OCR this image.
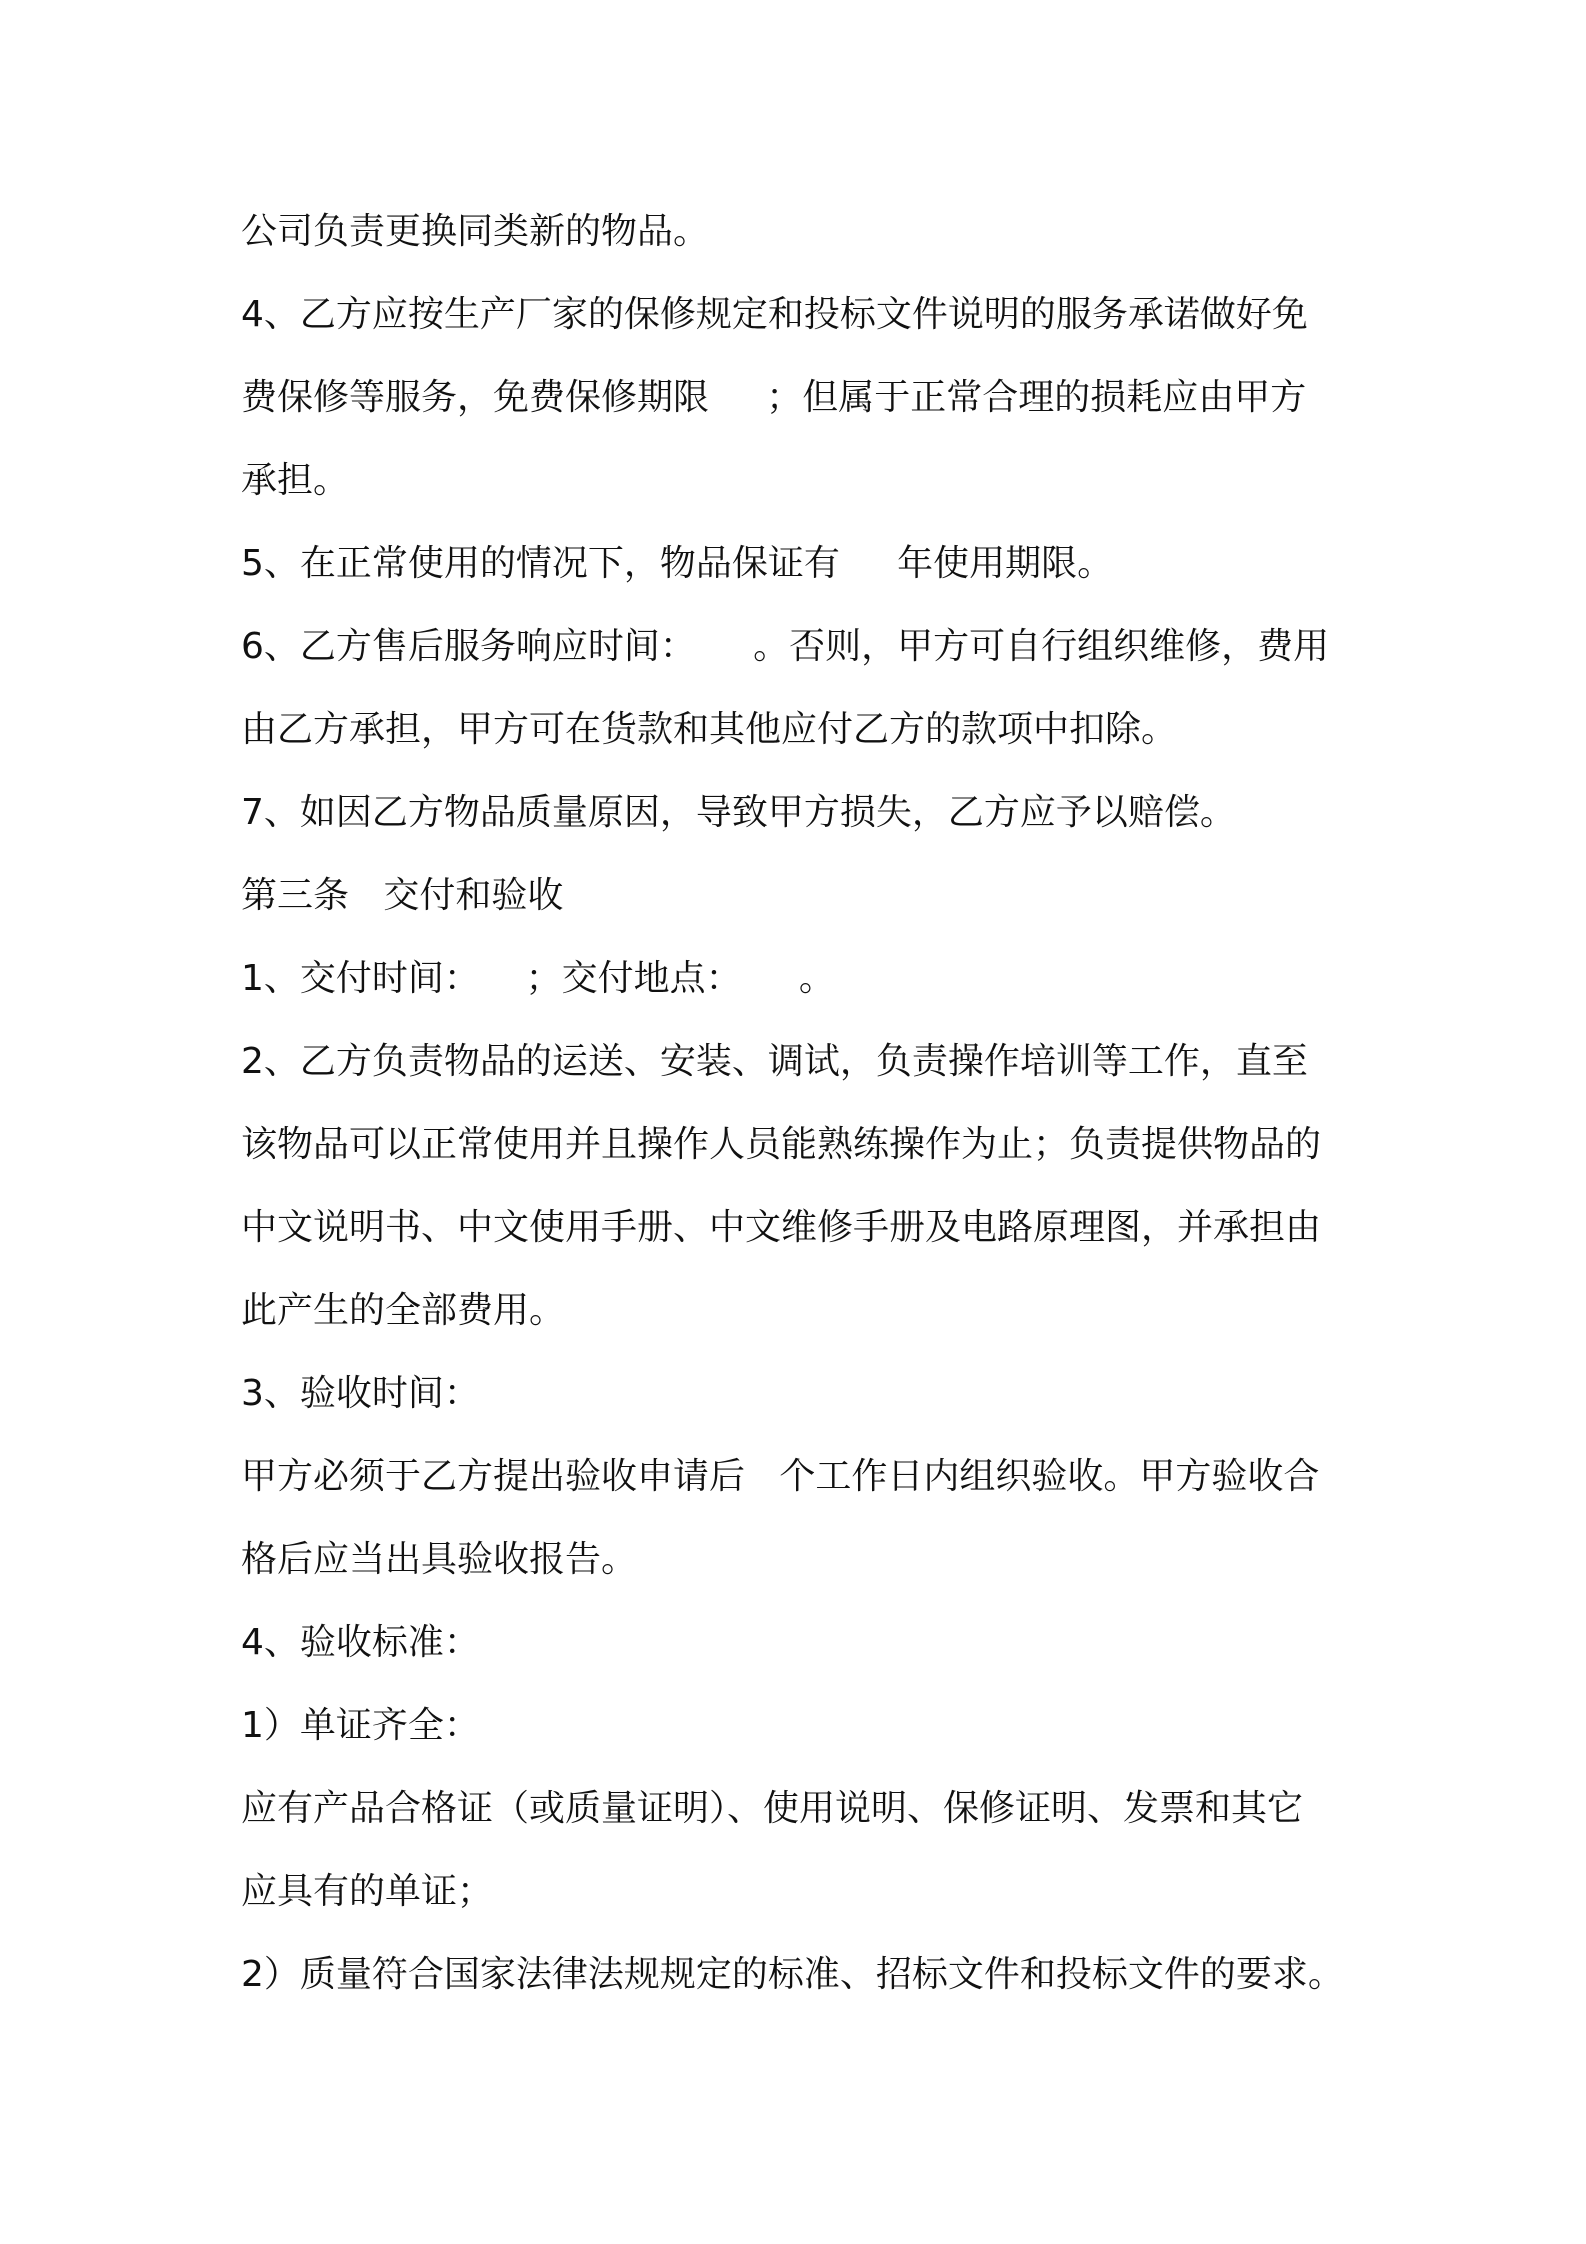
公司负责更换同类新的物品。
4、乙方应按生产厂家的保修规定和投标文件说明的服务承诺做好免
费保修等服务，免费保修期限     ；但属于正常合理的损耗应由甲方
承担。
5、在正常使用的情况下，物品保证有     年使用期限。
6、乙方售后服务响应时间：     。否则，甲方可自行组织维修，费用
由乙方承担，甲方可在货款和其他应付乙方的款项中扣除。
7、如因乙方物品质量原因，导致甲方损失，乙方应予以赔偿。
第三条   交付和验收
1、交付时间：    ；交付地点：     。
2、乙方负责物品的运送、安装、调试，负责操作培训等工作，直至
该物品可以正常使用并且操作人员能熟练操作为止；负责提供物品的
中文说明书、中文使用手册、中文维修手册及电路原理图，并承担由
此产生的全部费用。
3、验收时间：
甲方必须于乙方提出验收申请后   个工作日内组织验收。甲方验收合
格后应当出具验收报告。
4、验收标准：
1）单证齐全：
应有产品合格证（或质量证明）、使用说明、保修证明、发票和其它
应具有的单证；
2）质量符合国家法律法规规定的标准、招标文件和投标文件的要求。
